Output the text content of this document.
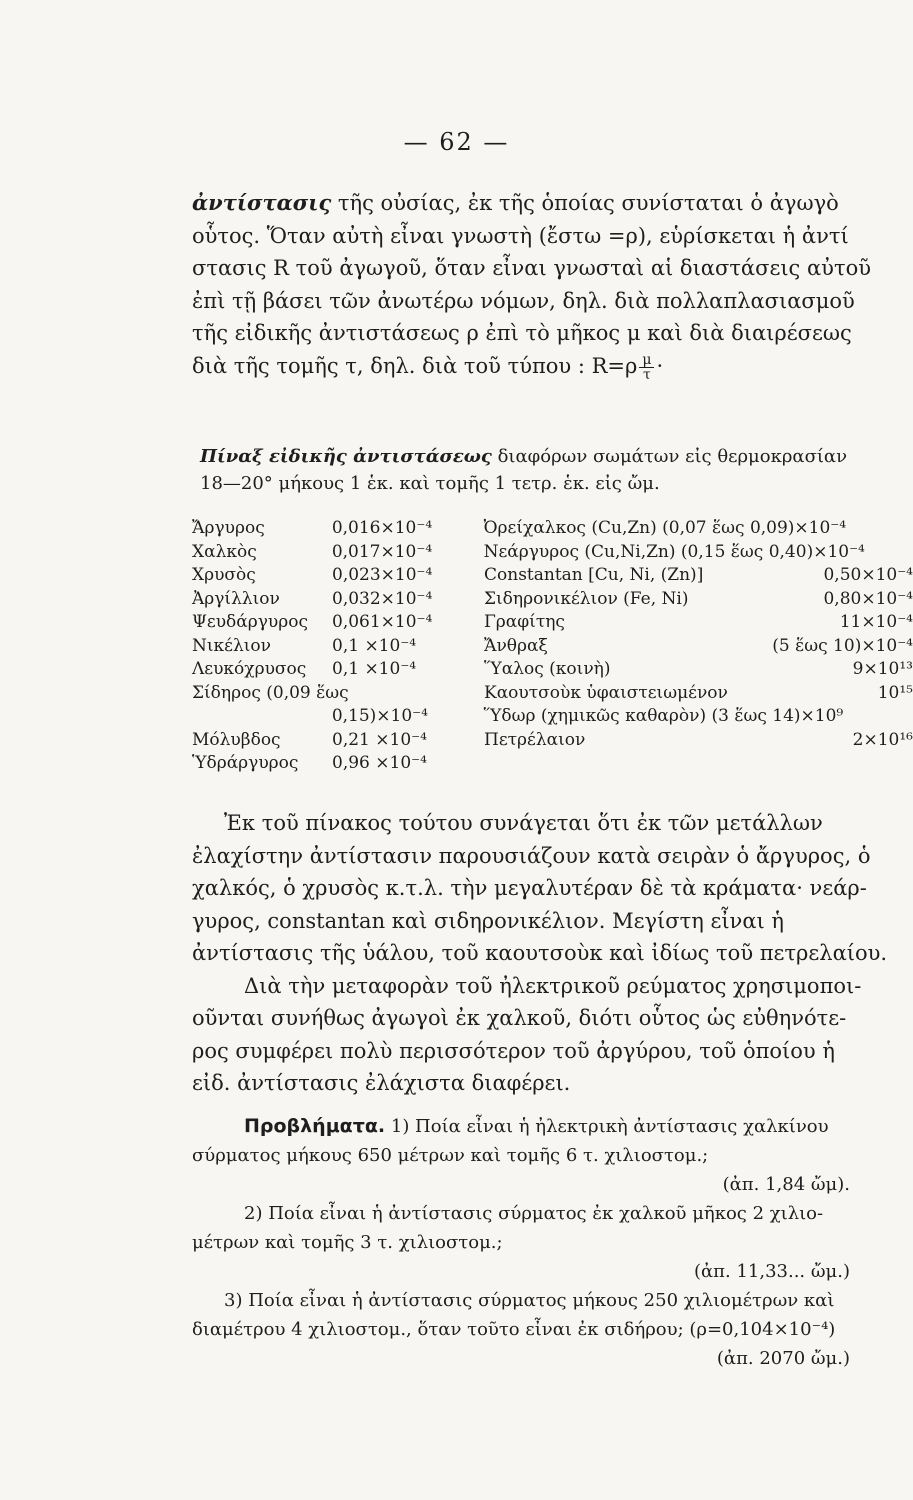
— 62 —

ἀντίστασις τῆς οὐσίας, ἐκ τῆς ὁποίας συνίσταται ὁ ἀγωγὸ
οὗτος. Ὅταν αὐτὴ εἶναι γνωστὴ (ἔστω =ρ), εὑρίσκεται ἡ ἀντί
στασις R τοῦ ἀγωγοῦ, ὅταν εἶναι γνωσταὶ αἱ διαστάσεις αὐτοῦ
ἐπὶ τῇ βάσει τῶν ἀνωτέρω νόμων, δηλ. διὰ πολλαπλασιασμοῦ
τῆς εἰδικῆς ἀντιστάσεως ρ ἐπὶ τὸ μῆκος μ καὶ διὰ διαιρέσεως
διὰ τῆς τομῆς τ, δηλ. διὰ τοῦ τύπου : $R=\rho \frac{\mu}{\tau}$ ·

Πίναξ εἰδικῆς ἀντιστάσεως διαφόρων σωμάτων εἰς θερμοκρασίαν
18—20° μήκους 1 ἑκ. καὶ τομῆς 1 τετρ. ἑκ. εἰς ὤμ.
Ἄργυρος	0,016×10⁻⁴	Ὀρείχαλκος (Cu,Zn) (0,07 ἕως 0,09)×10⁻⁴
Χαλκὸς	0,017×10⁻⁴	Νεάργυρος (Cu,Ni,Zn) (0,15 ἕως 0,40)×10⁻⁴
Χρυσὸς	0,023×10⁻⁴	Constantan [Cu, Ni, (Zn)]	0,50×10⁻⁴
Ἀργίλλιον	0,032×10⁻⁴	Σιδηρονικέλιον (Fe, Ni)	0,80×10⁻⁴
Ψευδάργυρος	0,061×10⁻⁴	Γραφίτης	11×10⁻⁴
Νικέλιον	0,1 ×10⁻⁴	Ἄνθραξ	(5 ἕως 10)×10⁻⁴
Λευκόχρυσος	0,1 ×10⁻⁴	Ὕαλος (κοινὴ)	9×10¹³
Σίδηρος (0,09 ἕως	Καουτσοὺκ ὑφαιστειωμένον	10¹⁵
0,15)×10⁻⁴	Ὕδωρ (χημικῶς καθαρὸν) (3 ἕως 14)×10⁹
Μόλυβδος	0,21 ×10⁻⁴	Πετρέλαιον	2×10¹⁶
Ὑδράργυρος	0,96 ×10⁻⁴

Ἐκ τοῦ πίνακος τούτου συνάγεται ὅτι ἐκ τῶν μετάλλων
ἐλαχίστην ἀντίστασιν παρουσιάζουν κατὰ σειρὰν ὁ ἄργυρος, ὁ
χαλκός, ὁ χρυσὸς κ.τ.λ. τὴν μεγαλυτέραν δὲ τὰ κράματα· νεάρ-
γυρος, constantan καὶ σιδηρονικέλιον. Μεγίστη εἶναι ἡ
ἀντίστασις τῆς ὑάλου, τοῦ καουτσοὺκ καὶ ἰδίως τοῦ πετρελαίου.
Διὰ τὴν μεταφορὰν τοῦ ἠλεκτρικοῦ ρεύματος χρησιμοποι-
οῦνται συνήθως ἀγωγοὶ ἐκ χαλκοῦ, διότι οὗτος ὡς εὐθηνότε-
ρος συμφέρει πολὺ περισσότερον τοῦ ἀργύρου, τοῦ ὁποίου ἡ
εἰδ. ἀντίστασις ἐλάχιστα διαφέρει.

Προβλήματα. 1) Ποία εἶναι ἡ ἠλεκτρικὴ ἀντίστασις χαλκίνου
σύρματος μήκους 650 μέτρων καὶ τομῆς 6 τ. χιλιοστομ.;
(ἀπ. 1,84 ὤμ).
2) Ποία εἶναι ἡ ἀντίστασις σύρματος ἐκ χαλκοῦ μῆκος 2 χιλιο-
μέτρων καὶ τομῆς 3 τ. χιλιοστομ.;
(ἀπ. 11,33... ὤμ.)
3) Ποία εἶναι ἡ ἀντίστασις σύρματος μήκους 250 χιλιομέτρων καὶ
διαμέτρου 4 χιλιοστομ., ὅταν τοῦτο εἶναι ἐκ σιδήρου; (ρ=0,104×10⁻⁴)
(ἀπ. 2070 ὤμ.)
